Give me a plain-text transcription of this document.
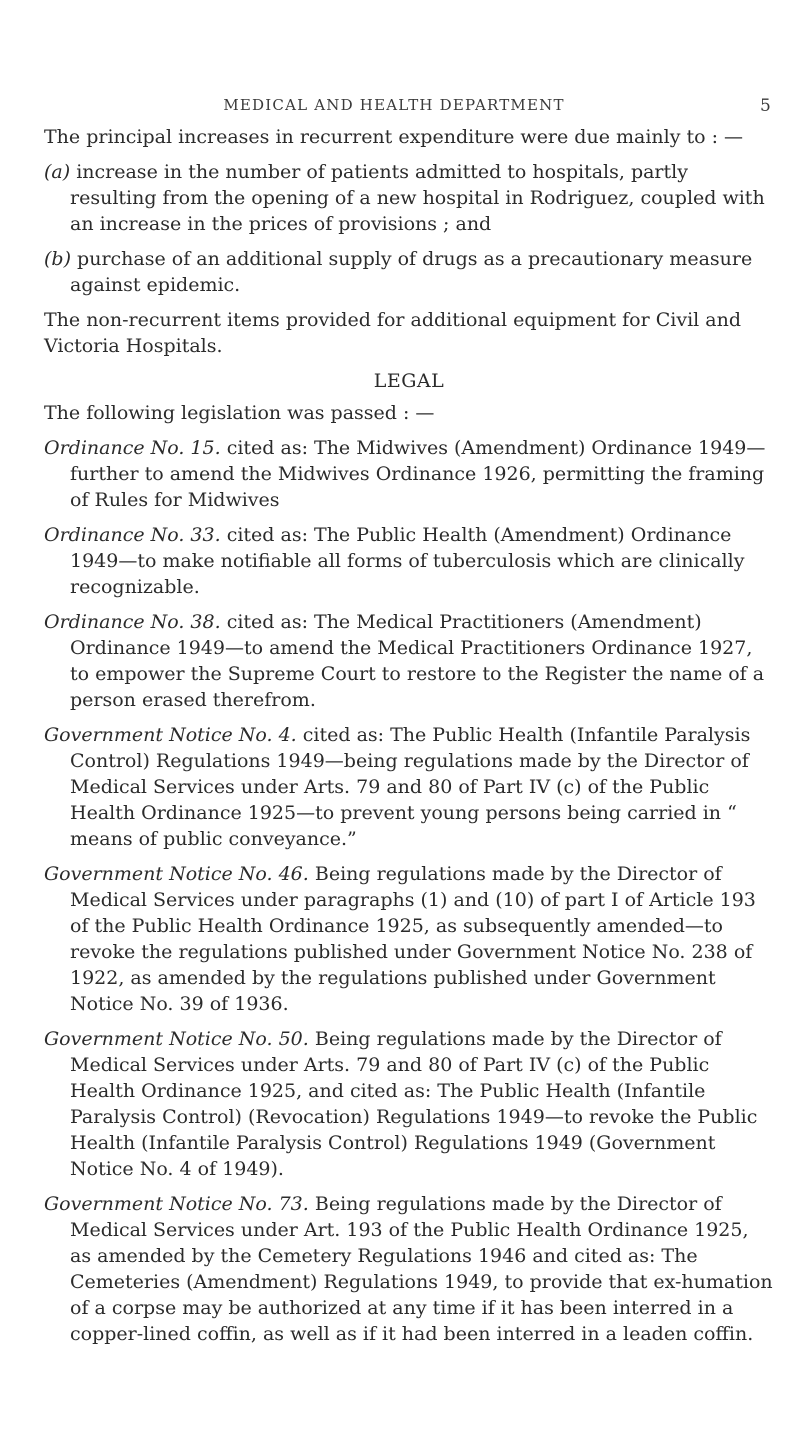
MEDICAL AND HEALTH DEPARTMENT	5

The principal increases in recurrent expenditure were due mainly to : —

(a) increase in the number of patients admitted to hospitals, partly resulting from the opening of a new hospital in Rodriguez, coupled with an increase in the prices of provisions ; and

(b) purchase of an additional supply of drugs as a precautionary measure against epidemic.

The non-recurrent items provided for additional equipment for Civil and Victoria Hospitals.

LEGAL

The following legislation was passed : —

Ordinance No. 15. cited as: The Midwives (Amendment) Ordinance 1949—further to amend the Midwives Ordinance 1926, permitting the framing of Rules for Midwives

Ordinance No. 33. cited as: The Public Health (Amendment) Ordinance 1949—to make notifiable all forms of tuberculosis which are clinically recognizable.

Ordinance No. 38. cited as: The Medical Practitioners (Amendment) Ordinance 1949—to amend the Medical Practitioners Ordinance 1927, to empower the Supreme Court to restore to the Register the name of a person erased therefrom.

Government Notice No. 4. cited as: The Public Health (Infantile Paralysis Control) Regulations 1949—being regulations made by the Director of Medical Services under Arts. 79 and 80 of Part IV (c) of the Public Health Ordinance 1925—to prevent young persons being carried in “ means of public conveyance.”

Government Notice No. 46. Being regulations made by the Director of Medical Services under paragraphs (1) and (10) of part I of Article 193 of the Public Health Ordinance 1925, as subsequently amended—to revoke the regulations published under Government Notice No. 238 of 1922, as amended by the regulations published under Government Notice No. 39 of 1936.

Government Notice No. 50. Being regulations made by the Director of Medical Services under Arts. 79 and 80 of Part IV (c) of the Public Health Ordinance 1925, and cited as: The Public Health (Infantile Paralysis Control) (Revocation) Regulations 1949—to revoke the Public Health (Infantile Paralysis Control) Regulations 1949 (Government Notice No. 4 of 1949).

Government Notice No. 73. Being regulations made by the Director of Medical Services under Art. 193 of the Public Health Ordinance 1925, as amended by the Cemetery Regulations 1946 and cited as: The Cemeteries (Amendment) Regulations 1949, to provide that ex-humation of a corpse may be authorized at any time if it has been interred in a copper-lined coffin, as well as if it had been interred in a leaden coffin.
